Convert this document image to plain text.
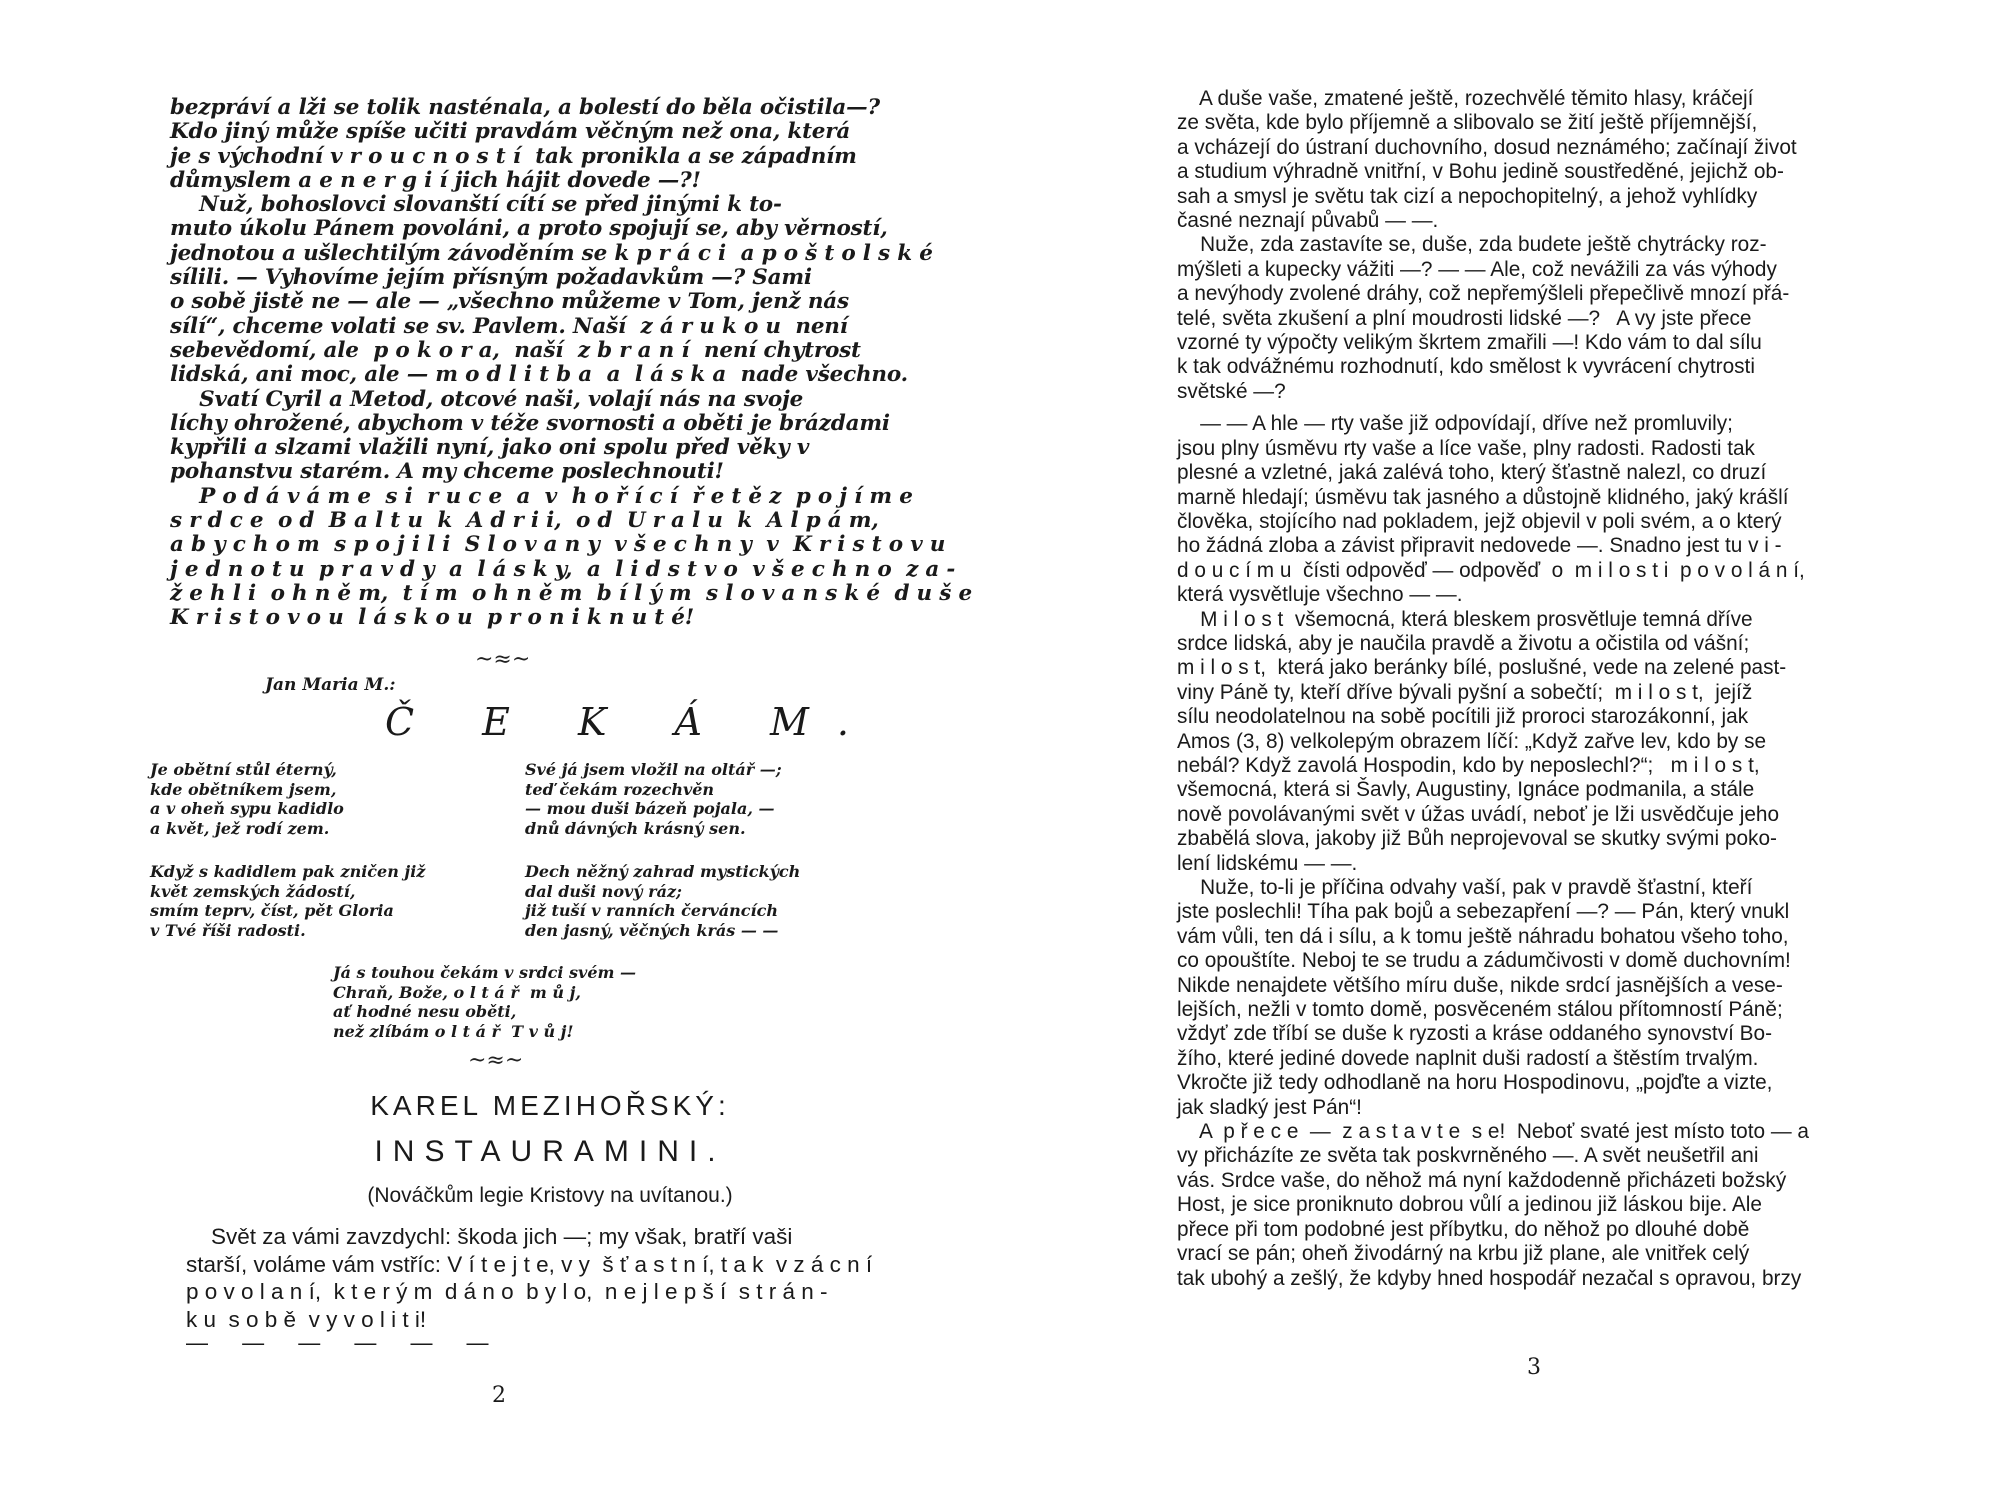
bezpráví a lži se tolik nasténala, a bolestí do běla očistila—?
Kdo jiný může spíše učiti pravdám věčným než ona, která
je s východní v r o u c n o s t í  tak pronikla a se západním
důmyslem a e n e r g i í jich hájit dovede —?!
Nuž, bohoslovci slovanští cítí se před jinými k to-
muto úkolu Pánem povoláni, a proto spojují se, aby věrností,
jednotou a ušlechtilým závoděním se k p r á c i  a p o š t o l s k é
sílili. — Vyhovíme jejím přísným požadavkům —? Sami
o sobě jistě ne — ale — „všechno můžeme v Tom, jenž nás
sílí“, chceme volati se sv. Pavlem. Naší  z á r u k o u  není
sebevědomí, ale  p o k o r a,  naší  z b r a n í  není chytrost
lidská, ani moc, ale — m o d l i t b a  a  l á s k a  nade všechno.
Svatí Cyril a Metod, otcové naši, volají nás na svoje
líchy ohrožené, abychom v téže svornosti a oběti je brázdami
kypřili a slzami vlažili nyní, jako oni spolu před věky v
pohanstvu starém. A my chceme poslechnouti!
P o d á v á m e  s i  r u c e  a  v  h o ř í c í  ř e t ě z  p o j í m e
s r d c e  o d  B a l t u  k  A d r i i,  o d  U r a l u  k  A l p á m,
a b y c h o m  s p o j i l i  S l o v a n y  v š e c h n y  v  K r i s t o v u
j e d n o t u  p r a v d y  a  l á s k y,  a  l i d s t v o  v š e c h n o  z a -
ž e h l i  o h n ě m,  t í m  o h n ě m  b í l ý m  s l o v a n s k é  d u š e
K r i s t o v o u  l á s k o u  p r o n i k n u t é!
~≈~
Jan Maria M.:
Č E K Á M.
Je obětní stůl éterný,
kde obětníkem jsem,
a v oheň sypu kadidlo
a květ, jež rodí zem.
Své já jsem vložil na oltář —;
teď čekám rozechvěn
— mou duši bázeň pojala, —
dnů dávných krásný sen.
Když s kadidlem pak zničen již
květ zemských žádostí,
smím teprv, číst, pět Gloria
v Tvé říši radosti.
Dech něžný zahrad mystických
dal duši nový ráz;
již tuší v ranních červáncích
den jasný, věčných krás — —
Já s touhou čekám v srdci svém —
Chraň, Bože, o l t á ř  m ů j,
ať hodné nesu oběti,
než zlíbám o l t á ř  T v ů j!
~≈~
KAREL MEZIHOŘSKÝ:
INSTAURAMINI.
(Nováčkům legie Kristovy na uvítanou.)
Svět za vámi zavzdychl: škoda jich —; my však, bratří vaši
starší, voláme vám vstříc: V í t e j t e, v y  š ť a s t n í, t a k  v z á c n í
p o v o l a n í,  k t e r ý m  d á n o  b y l o,  n e j l e p š í  s t r á n -
k u  s o b ě  v y v o l i t i!
— — — — — —
2
A duše vaše, zmatené ještě, rozechvělé těmito hlasy, kráčejí
ze světa, kde bylo příjemně a slibovalo se žití ještě příjemnější,
a vcházejí do ústraní duchovního, dosud neznámého; začínají život
a studium výhradně vnitřní, v Bohu jedině soustředěné, jejichž ob-
sah a smysl je světu tak cizí a nepochopitelný, a jehož vyhlídky
časné neznají půvabů — —.
Nuže, zda zastavíte se, duše, zda budete ještě chytrácky roz-
mýšleti a kupecky vážiti —? — — Ale, což nevážili za vás výhody
a nevýhody zvolené dráhy, což nepřemýšleli přepečlivě mnozí přá-
telé, světa zkušení a plní moudrosti lidské —?   A vy jste přece
vzorné ty výpočty velikým škrtem zmařili —! Kdo vám to dal sílu
k tak odvážnému rozhodnutí, kdo smělost k vyvrácení chytrosti
světské —?
— — A hle — rty vaše již odpovídají, dříve než promluvily;
jsou plny úsměvu rty vaše a líce vaše, plny radosti. Radosti tak
plesné a vzletné, jaká zalévá toho, který šťastně nalezl, co druzí
marně hledají; úsměvu tak jasného a důstojně klidného, jaký krášlí
člověka, stojícího nad pokladem, jejž objevil v poli svém, a o který
ho žádná zloba a závist připravit nedovede —. Snadno jest tu v i -
d o u c í m u  čísti odpověď — odpověď  o  m i l o s t i  p o v o l á n í,
která vysvětluje všechno — —.
M i l o s t  všemocná, která bleskem prosvětluje temná dříve
srdce lidská, aby je naučila pravdě a životu a očistila od vášní;
m i l o s t,  která jako beránky bílé, poslušné, vede na zelené past-
viny Páně ty, kteří dříve bývali pyšní a sobečtí;  m i l o s t,  jejíž
sílu neodolatelnou na sobě pocítili již proroci starozákonní, jak
Amos (3, 8) velkolepým obrazem líčí: „Když zařve lev, kdo by se
nebál? Když zavolá Hospodin, kdo by neposlechl?“;   m i l o s t,
všemocná, která si Šavly, Augustiny, Ignáce podmanila, a stále
nově povolávanými svět v úžas uvádí, neboť je lži usvědčuje jeho
zbabělá slova, jakoby již Bůh neprojevoval se skutky svými poko-
lení lidskému — —.
Nuže, to-li je příčina odvahy vaší, pak v pravdě šťastní, kteří
jste poslechli! Tíha pak bojů a sebezapření —? — Pán, který vnukl
vám vůli, ten dá i sílu, a k tomu ještě náhradu bohatou všeho toho,
co opouštíte. Neboj te se trudu a zádumčivosti v domě duchovním!
Nikde nenajdete většího míru duše, nikde srdcí jasnějších a vese-
lejších, nežli v tomto domě, posvěceném stálou přítomností Páně;
vždyť zde tříbí se duše k ryzosti a kráse oddaného synovství Bo-
žího, které jediné dovede naplnit duši radostí a štěstím trvalým.
Vkročte již tedy odhodlaně na horu Hospodinovu, „pojďte a vizte,
jak sladký jest Pán“!
A  p ř e c e  —  z a s t a v t e  s e!  Neboť svaté jest místo toto — a
vy přicházíte ze světa tak poskvrněného —. A svět neušetřil ani
vás. Srdce vaše, do něhož má nyní každodenně přicházeti božský
Host, je sice proniknuto dobrou vůlí a jedinou již láskou bije. Ale
přece při tom podobné jest příbytku, do něhož po dlouhé době
vrací se pán; oheň živodárný na krbu již plane, ale vnitřek celý
tak ubohý a zešlý, že kdyby hned hospodář nezačal s opravou, brzy
3
